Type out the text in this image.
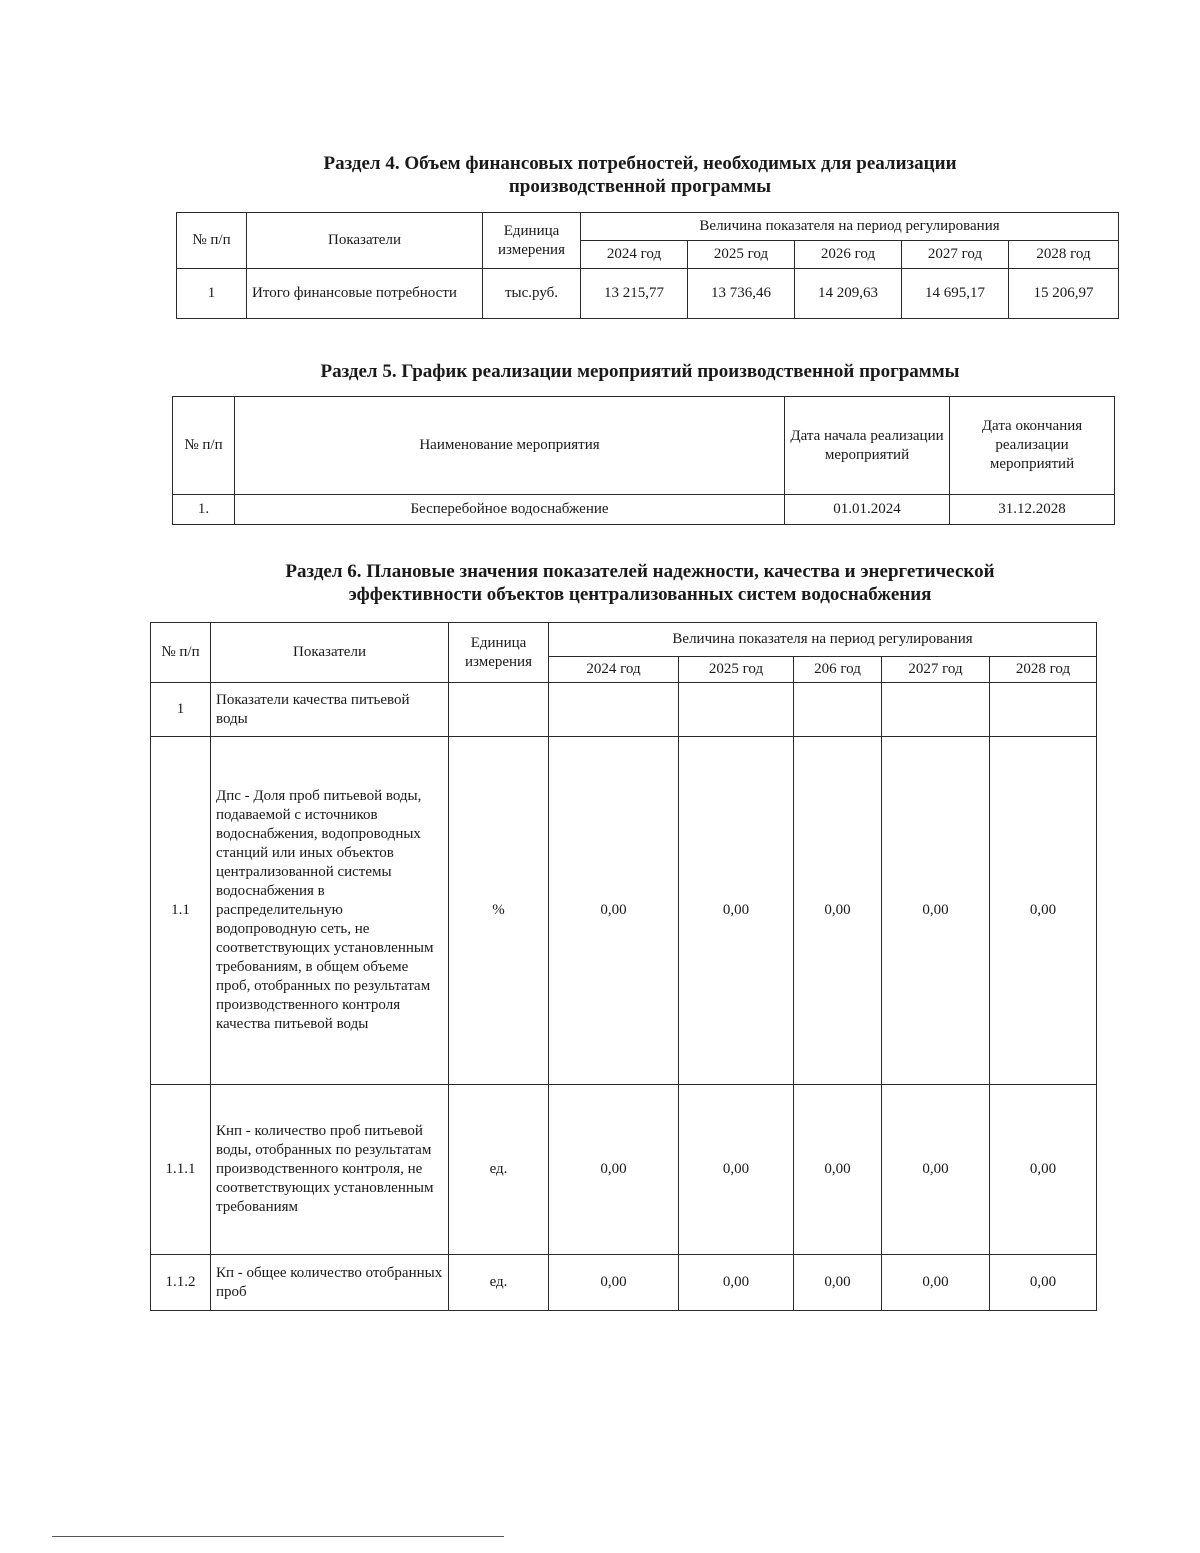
Раздел 4. Объем финансовых потребностей, необходимых для реализации
производственной программы

№ п/п	Показатели	Единица измерения	Величина показателя на период регулирования				
			2024 год	2025 год	2026 год	2027 год	2028 год
1	Итого финансовые потребности	тыс.руб.	13 215,77	13 736,46	14 209,63	14 695,17	15 206,97

Раздел 5. График реализации мероприятий производственной программы

№ п/п	Наименование мероприятия	Дата начала реализации мероприятий	Дата окончания реализации мероприятий
1.	Бесперебойное водоснабжение	01.01.2024	31.12.2028

Раздел 6. Плановые значения показателей надежности, качества и энергетической
эффективности объектов централизованных систем водоснабжения

№ п/п	Показатели	Единица измерения	Величина показателя на период регулирования				
			2024 год	2025 год	206 год	2027 год	2028 год
1	Показатели качества питьевой воды						
1.1	Дпс - Доля проб питьевой воды, подаваемой с источников водоснабжения, водопроводных станций или иных объектов централизованной системы водоснабжения в распределительную водопроводную сеть, не соответствующих установленным требованиям, в общем объеме проб, отобранных по результатам производственного контроля качества питьевой воды	%	0,00	0,00	0,00	0,00	0,00
1.1.1	Кнп - количество проб питьевой воды, отобранных по результатам производственного контроля, не соответствующих установленным требованиям	ед.	0,00	0,00	0,00	0,00	0,00
1.1.2	Кп - общее количество отобранных проб	ед.	0,00	0,00	0,00	0,00	0,00
